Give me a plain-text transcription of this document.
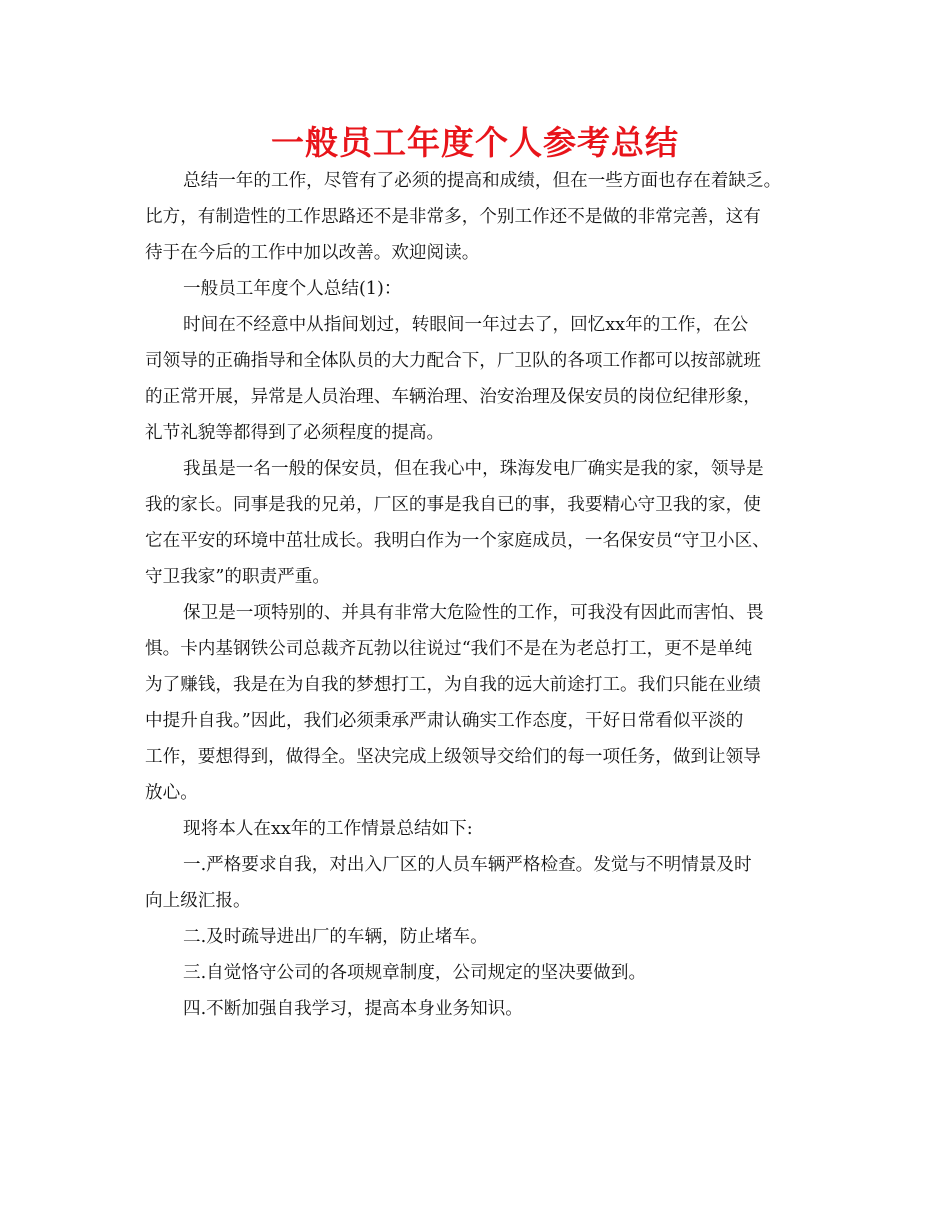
一般员工年度个人参考总结
总结一年的工作，尽管有了必须的提高和成绩，但在一些方面也存在着缺乏。
比方，有制造性的工作思路还不是非常多，个别工作还不是做的非常完善，这有
待于在今后的工作中加以改善。欢迎阅读。
一般员工年度个人总结(1)：
时间在不经意中从指间划过，转眼间一年过去了，回忆xx年的工作，在公
司领导的正确指导和全体队员的大力配合下，厂卫队的各项工作都可以按部就班
的正常开展，异常是人员治理、车辆治理、治安治理及保安员的岗位纪律形象，
礼节礼貌等都得到了必须程度的提高。
我虽是一名一般的保安员，但在我心中，珠海发电厂确实是我的家，领导是
我的家长。同事是我的兄弟，厂区的事是我自已的事，我要精心守卫我的家，使
它在平安的环境中茁壮成长。我明白作为一个家庭成员，一名保安员“守卫小区、
守卫我家”的职责严重。
保卫是一项特别的、并具有非常大危险性的工作，可我没有因此而害怕、畏
惧。卡内基钢铁公司总裁齐瓦勃以往说过“我们不是在为老总打工，更不是单纯
为了赚钱，我是在为自我的梦想打工，为自我的远大前途打工。我们只能在业绩
中提升自我。”因此，我们必须秉承严肃认确实工作态度，干好日常看似平淡的
工作，要想得到，做得全。坚决完成上级领导交给们的每一项任务，做到让领导
放心。
现将本人在xx年的工作情景总结如下:
一.严格要求自我，对出入厂区的人员车辆严格检查。发觉与不明情景及时
向上级汇报。
二.及时疏导进出厂的车辆，防止堵车。
三.自觉恪守公司的各项规章制度，公司规定的坚决要做到。
四.不断加强自我学习，提高本身业务知识。
